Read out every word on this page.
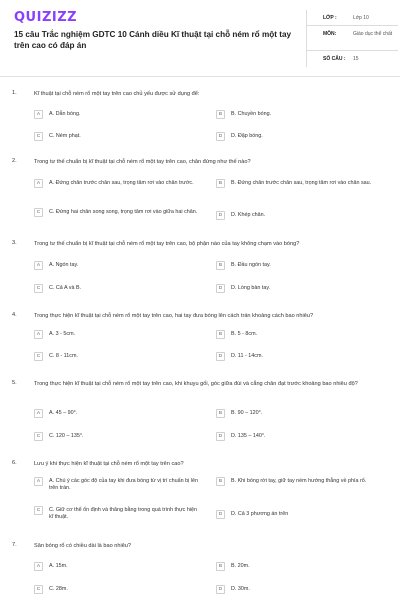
QUIZIZZ
15 câu Trắc nghiệm GDTC 10 Cánh diều Kĩ thuật tại chỗ ném rổ một tay trên cao có đáp án
LỚP :	Lớp 10
MÔN:	Giáo dục thể chất
SỐ CÂU : 15
1.	Kĩ thuật tại chỗ ném rổ một tay trên cao chủ yếu được sử dụng để:
A	A. Dẫn bóng.	B	B. Chuyền bóng.
C	C. Ném phạt.	D	D. Đập bóng.
2.	Trong tư thế chuẩn bị kĩ thuật tại chỗ ném rổ một tay trên cao, chân đứng như thế nào?
A	A. Đứng chân trước chân sau, trọng tâm rơi vào chân trước.	B	B. Đứng chân trước chân sau, trọng tâm rơi vào chân sau.
C	C. Đứng hai chân song song, trọng tâm rơi vào giữa hai chân.
D	D. Khép chân.
3.	Trong tư thế chuẩn bị kĩ thuật tại chỗ ném rổ một tay trên cao, bộ phận nào của tay không chạm vào bóng?
A	A. Ngón tay.	B	B. Đầu ngón tay.
C	C. Cả A và B.	D	D. Lòng bàn tay.
4.	Trong thực hiện kĩ thuật tại chỗ ném rổ một tay trên cao, hai tay đưa bóng lên cách trán khoảng cách bao nhiêu?
A	A. 3 - 5cm.	B	B. 5 - 8cm.
C	C. 8 - 11cm.	D	D. 11 - 14cm.
5.	Trong thực hiện kĩ thuật tại chỗ ném rổ một tay trên cao, khi khuỵu gối, góc giữa đùi và cẳng chân đạt trước khoảng bao nhiêu độ?
A	A. 45 – 90°.	B	B. 90 – 120°.
C	C. 120 – 135°.	D	D. 135 – 140°.
6.	Lưu ý khi thực hiện kĩ thuật tại chỗ ném rổ một tay trên cao?
A	A. Chú ý các góc độ của tay khi đưa bóng từ vị trí chuẩn bị lên trên trán.
B	B. Khi bóng rời tay, giữ tay ném hướng thẳng về phía rổ.
C	C. Giữ cơ thể ổn định và thăng bằng trong quá trình thực hiện kĩ thuật.	D	D. Cả 3 phương án trên
7.	Sân bóng rổ có chiều dài là bao nhiêu?
A	A. 15m.	B	B. 20m.
C	C. 28m.	D	D. 30m.
